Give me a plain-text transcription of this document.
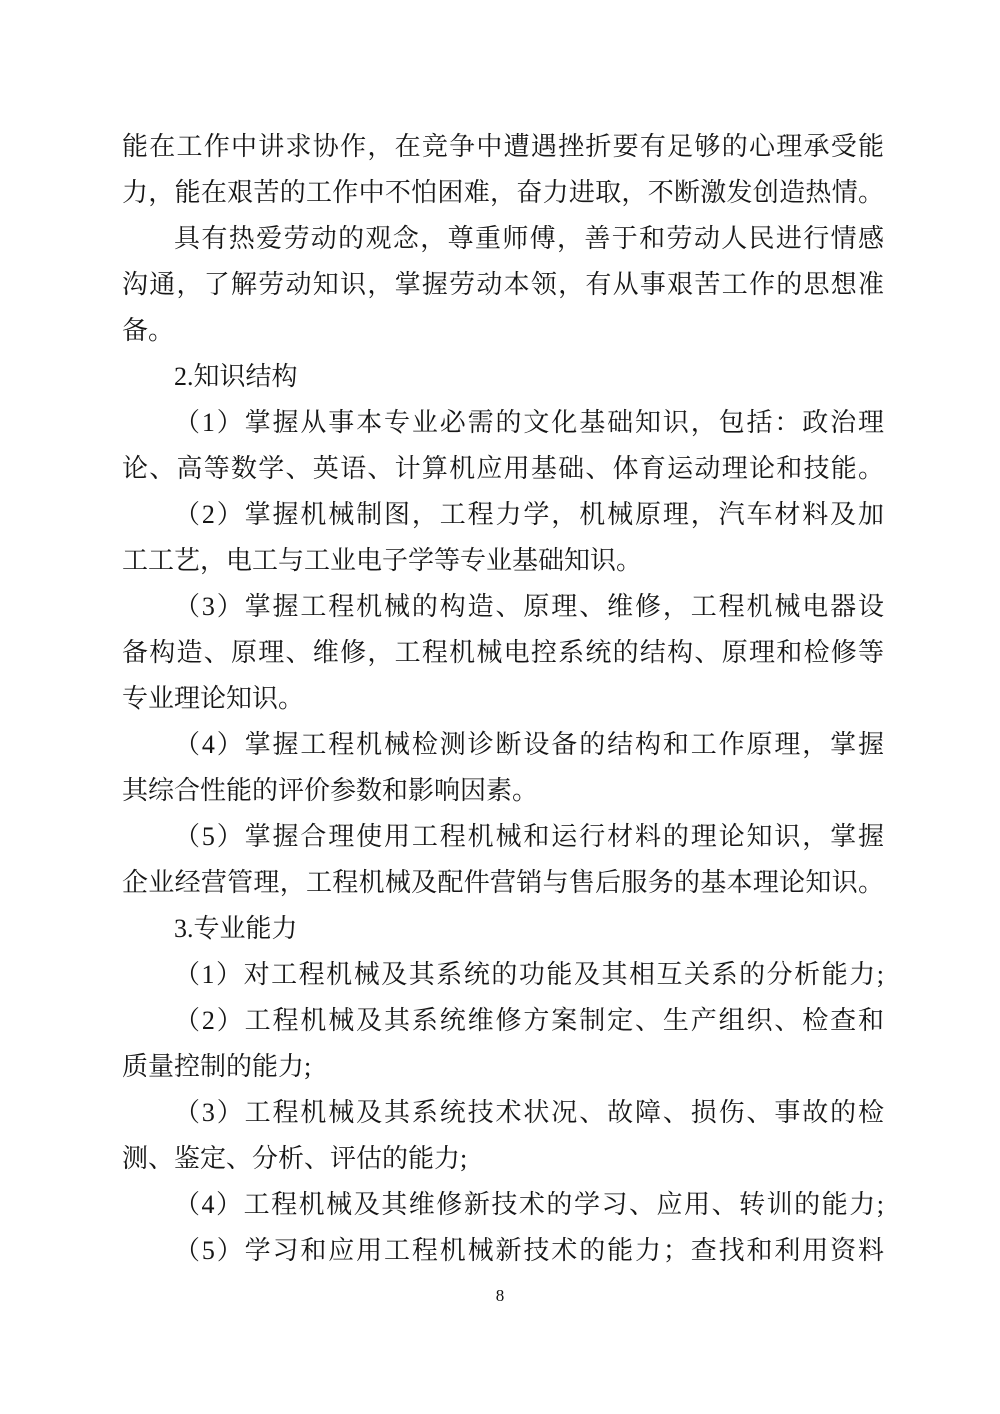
能在工作中讲求协作，在竞争中遭遇挫折要有足够的心理承受能
力，能在艰苦的工作中不怕困难，奋力进取，不断激发创造热情。
具有热爱劳动的观念，尊重师傅，善于和劳动人民进行情感
沟通，了解劳动知识，掌握劳动本领，有从事艰苦工作的思想准
备。
2.知识结构
（1）掌握从事本专业必需的文化基础知识，包括：政治理
论、高等数学、英语、计算机应用基础、体育运动理论和技能。
（2）掌握机械制图，工程力学，机械原理，汽车材料及加
工工艺，电工与工业电子学等专业基础知识。
（3）掌握工程机械的构造、原理、维修，工程机械电器设
备构造、原理、维修，工程机械电控系统的结构、原理和检修等
专业理论知识。
（4）掌握工程机械检测诊断设备的结构和工作原理，掌握
其综合性能的评价参数和影响因素。
（5）掌握合理使用工程机械和运行材料的理论知识，掌握
企业经营管理，工程机械及配件营销与售后服务的基本理论知识。
3.专业能力
（1）对工程机械及其系统的功能及其相互关系的分析能力;
（2）工程机械及其系统维修方案制定、生产组织、检查和
质量控制的能力;
（3）工程机械及其系统技术状况、故障、损伤、事故的检
测、鉴定、分析、评估的能力;
（4）工程机械及其维修新技术的学习、应用、转训的能力;
（5）学习和应用工程机械新技术的能力；查找和利用资料
8
